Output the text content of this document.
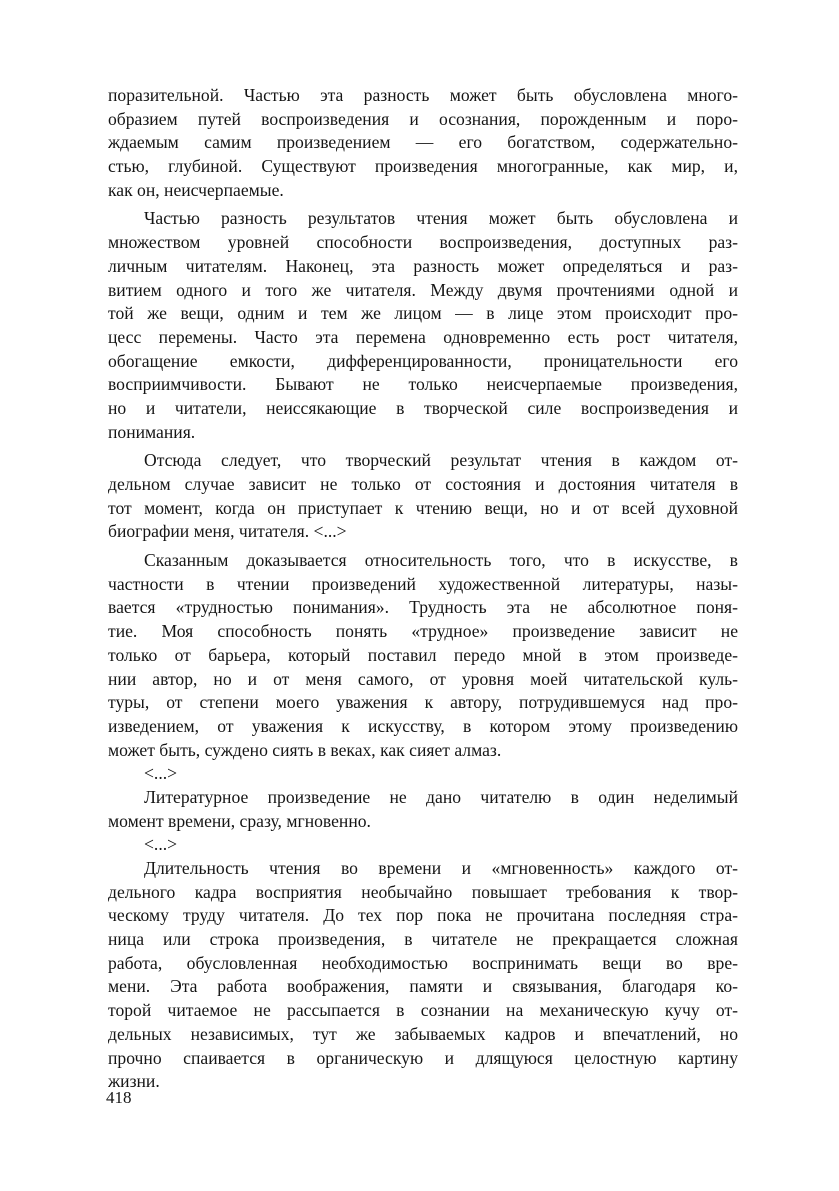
поразительной. Частью эта разность может быть обусловлена много-
образием путей воспроизведения и осознания, порожденным и поро-
ждаемым самим произведением — его богатством, содержательно-
стью, глубиной. Существуют произведения многогранные, как мир, и,
как он, неисчерпаемые.
Частью разность результатов чтения может быть обусловлена и
множеством уровней способности воспроизведения, доступных раз-
личным читателям. Наконец, эта разность может определяться и раз-
витием одного и того же читателя. Между двумя прочтениями одной и
той же вещи, одним и тем же лицом — в лице этом происходит про-
цесс перемены. Часто эта перемена одновременно есть рост читателя,
обогащение емкости, дифференцированности, проницательности его
восприимчивости. Бывают не только неисчерпаемые произведения,
но и читатели, неиссякающие в творческой силе воспроизведения и
понимания.
Отсюда следует, что творческий результат чтения в каждом от-
дельном случае зависит не только от состояния и достояния читателя в
тот момент, когда он приступает к чтению вещи, но и от всей духовной
биографии меня, читателя. <...>
Сказанным доказывается относительность того, что в искусстве, в
частности в чтении произведений художественной литературы, назы-
вается «трудностью понимания». Трудность эта не абсолютное поня-
тие. Моя способность понять «трудное» произведение зависит не
только от барьера, который поставил передо мной в этом произведе-
нии автор, но и от меня самого, от уровня моей читательской куль-
туры, от степени моего уважения к автору, потрудившемуся над про-
изведением, от уважения к искусству, в котором этому произведению
может быть, суждено сиять в веках, как сияет алмаз.
<...>
Литературное произведение не дано читателю в один неделимый
момент времени, сразу, мгновенно.
<...>
Длительность чтения во времени и «мгновенность» каждого от-
дельного кадра восприятия необычайно повышает требования к твор-
ческому труду читателя. До тех пор пока не прочитана последняя стра-
ница или строка произведения, в читателе не прекращается сложная
работа, обусловленная необходимостью воспринимать вещи во вре-
мени. Эта работа воображения, памяти и связывания, благодаря ко-
торой читаемое не рассыпается в сознании на механическую кучу от-
дельных независимых, тут же забываемых кадров и впечатлений, но
прочно спаивается в органическую и длящуюся целостную картину
жизни.
418
